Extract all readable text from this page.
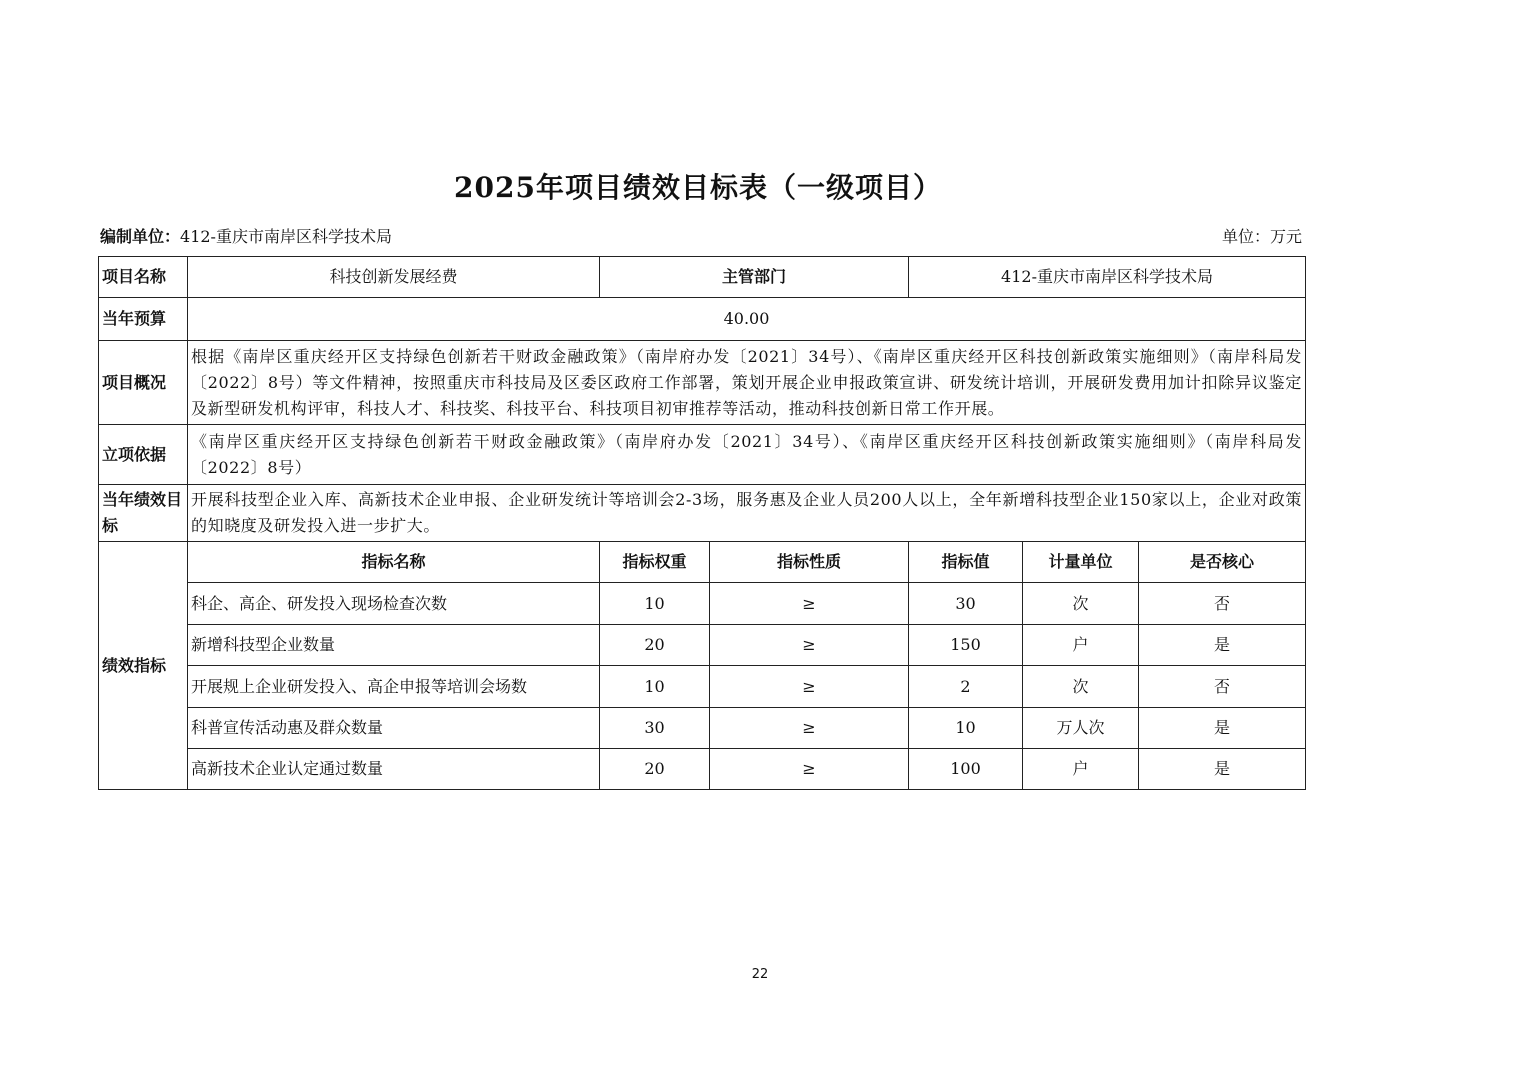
2025年项目绩效目标表（一级项目）
编制单位：412-重庆市南岸区科学技术局	单位：万元
项目名称	科技创新发展经费	主管部门		412-重庆市南岸区科学技术局		
当年预算	40.00					
项目概况	根据《南岸区重庆经开区支持绿色创新若干财政金融政策》（南岸府办发〔2021〕34号）、《南岸区重庆经开区科技创新政策实施细则》（南岸科局发〔2022〕8号）等文件精神，按照重庆市科技局及区委区政府工作部署，策划开展企业申报政策宣讲、研发统计培训，开展研发费用加计扣除异议鉴定及新型研发机构评审，科技人才、科技奖、科技平台、科技项目初审推荐等活动，推动科技创新日常工作开展。					
立项依据	《南岸区重庆经开区支持绿色创新若干财政金融政策》（南岸府办发〔2021〕34号）、《南岸区重庆经开区科技创新政策实施细则》（南岸科局发〔2022〕8号）					
当年绩效目标	开展科技型企业入库、高新技术企业申报、企业研发统计等培训会2-3场，服务惠及企业人员200人以上，全年新增科技型企业150家以上，企业对政策的知晓度及研发投入进一步扩大。					
绩效指标	指标名称	指标权重	指标性质	指标值	计量单位	是否核心
	科企、高企、研发投入现场检查次数	10	≥	30	次	否
	新增科技型企业数量	20	≥	150	户	是
	开展规上企业研发投入、高企申报等培训会场数	10	≥	2	次	否
	科普宣传活动惠及群众数量	30	≥	10	万人次	是
	高新技术企业认定通过数量	20	≥	100	户	是
22
